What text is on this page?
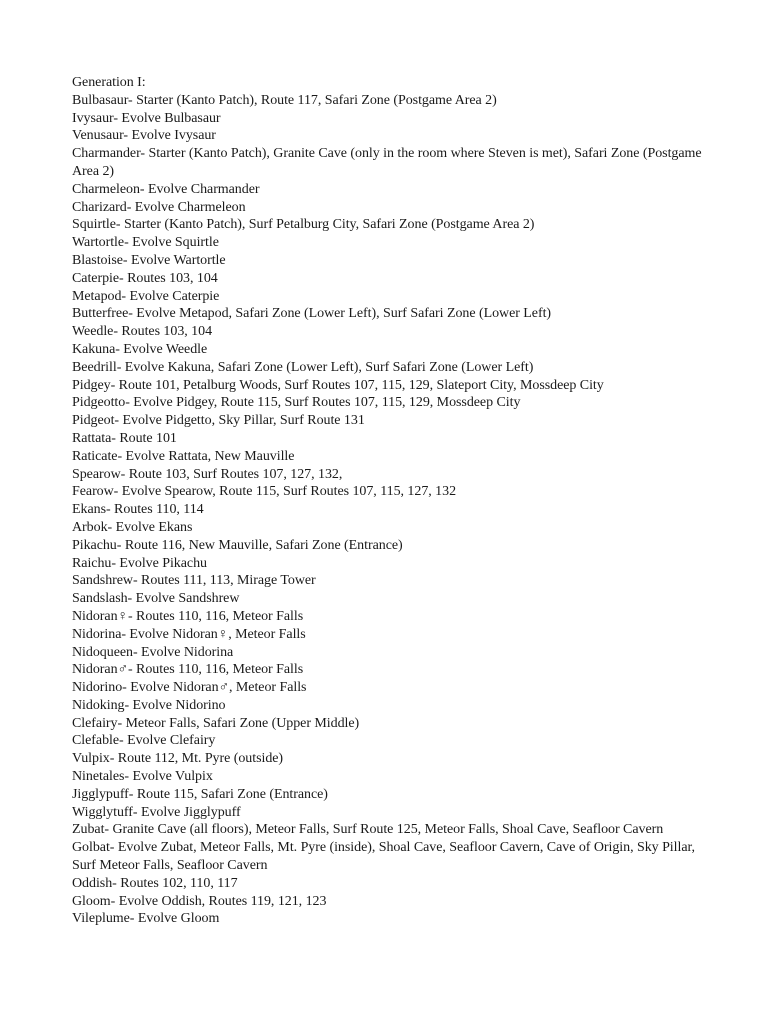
Generation I:
Bulbasaur- Starter (Kanto Patch), Route 117, Safari Zone (Postgame Area 2)
Ivysaur- Evolve Bulbasaur
Venusaur- Evolve Ivysaur
Charmander- Starter (Kanto Patch), Granite Cave (only in the room where Steven is met), Safari Zone (Postgame Area 2)
Charmeleon- Evolve Charmander
Charizard- Evolve Charmeleon
Squirtle- Starter (Kanto Patch), Surf Petalburg City, Safari Zone (Postgame Area 2)
Wartortle- Evolve Squirtle
Blastoise- Evolve Wartortle
Caterpie- Routes 103, 104
Metapod- Evolve Caterpie
Butterfree- Evolve Metapod, Safari Zone (Lower Left), Surf Safari Zone (Lower Left)
Weedle- Routes 103, 104
Kakuna- Evolve Weedle
Beedrill- Evolve Kakuna, Safari Zone (Lower Left), Surf Safari Zone (Lower Left)
Pidgey- Route 101, Petalburg Woods, Surf Routes 107, 115, 129, Slateport City, Mossdeep City
Pidgeotto- Evolve Pidgey, Route 115, Surf Routes 107, 115, 129, Mossdeep City
Pidgeot- Evolve Pidgetto, Sky Pillar, Surf Route 131
Rattata- Route 101
Raticate- Evolve Rattata, New Mauville
Spearow- Route 103, Surf Routes 107, 127, 132,
Fearow- Evolve Spearow, Route 115, Surf Routes 107, 115, 127, 132
Ekans- Routes 110, 114
Arbok- Evolve Ekans
Pikachu- Route 116, New Mauville, Safari Zone (Entrance)
Raichu- Evolve Pikachu
Sandshrew- Routes 111, 113, Mirage Tower
Sandslash- Evolve Sandshrew
Nidoran♀- Routes 110, 116, Meteor Falls
Nidorina- Evolve Nidoran♀, Meteor Falls
Nidoqueen- Evolve Nidorina
Nidoran♂- Routes 110, 116, Meteor Falls
Nidorino- Evolve Nidoran♂, Meteor Falls
Nidoking- Evolve Nidorino
Clefairy- Meteor Falls, Safari Zone (Upper Middle)
Clefable- Evolve Clefairy
Vulpix- Route 112, Mt. Pyre (outside)
Ninetales- Evolve Vulpix
Jigglypuff- Route 115, Safari Zone (Entrance)
Wigglytuff- Evolve Jigglypuff
Zubat- Granite Cave (all floors), Meteor Falls, Surf Route 125, Meteor Falls, Shoal Cave, Seafloor Cavern
Golbat- Evolve Zubat, Meteor Falls, Mt. Pyre (inside), Shoal Cave, Seafloor Cavern, Cave of Origin, Sky Pillar, Surf Meteor Falls, Seafloor Cavern
Oddish- Routes 102, 110, 117
Gloom- Evolve Oddish, Routes 119, 121, 123
Vileplume- Evolve Gloom
